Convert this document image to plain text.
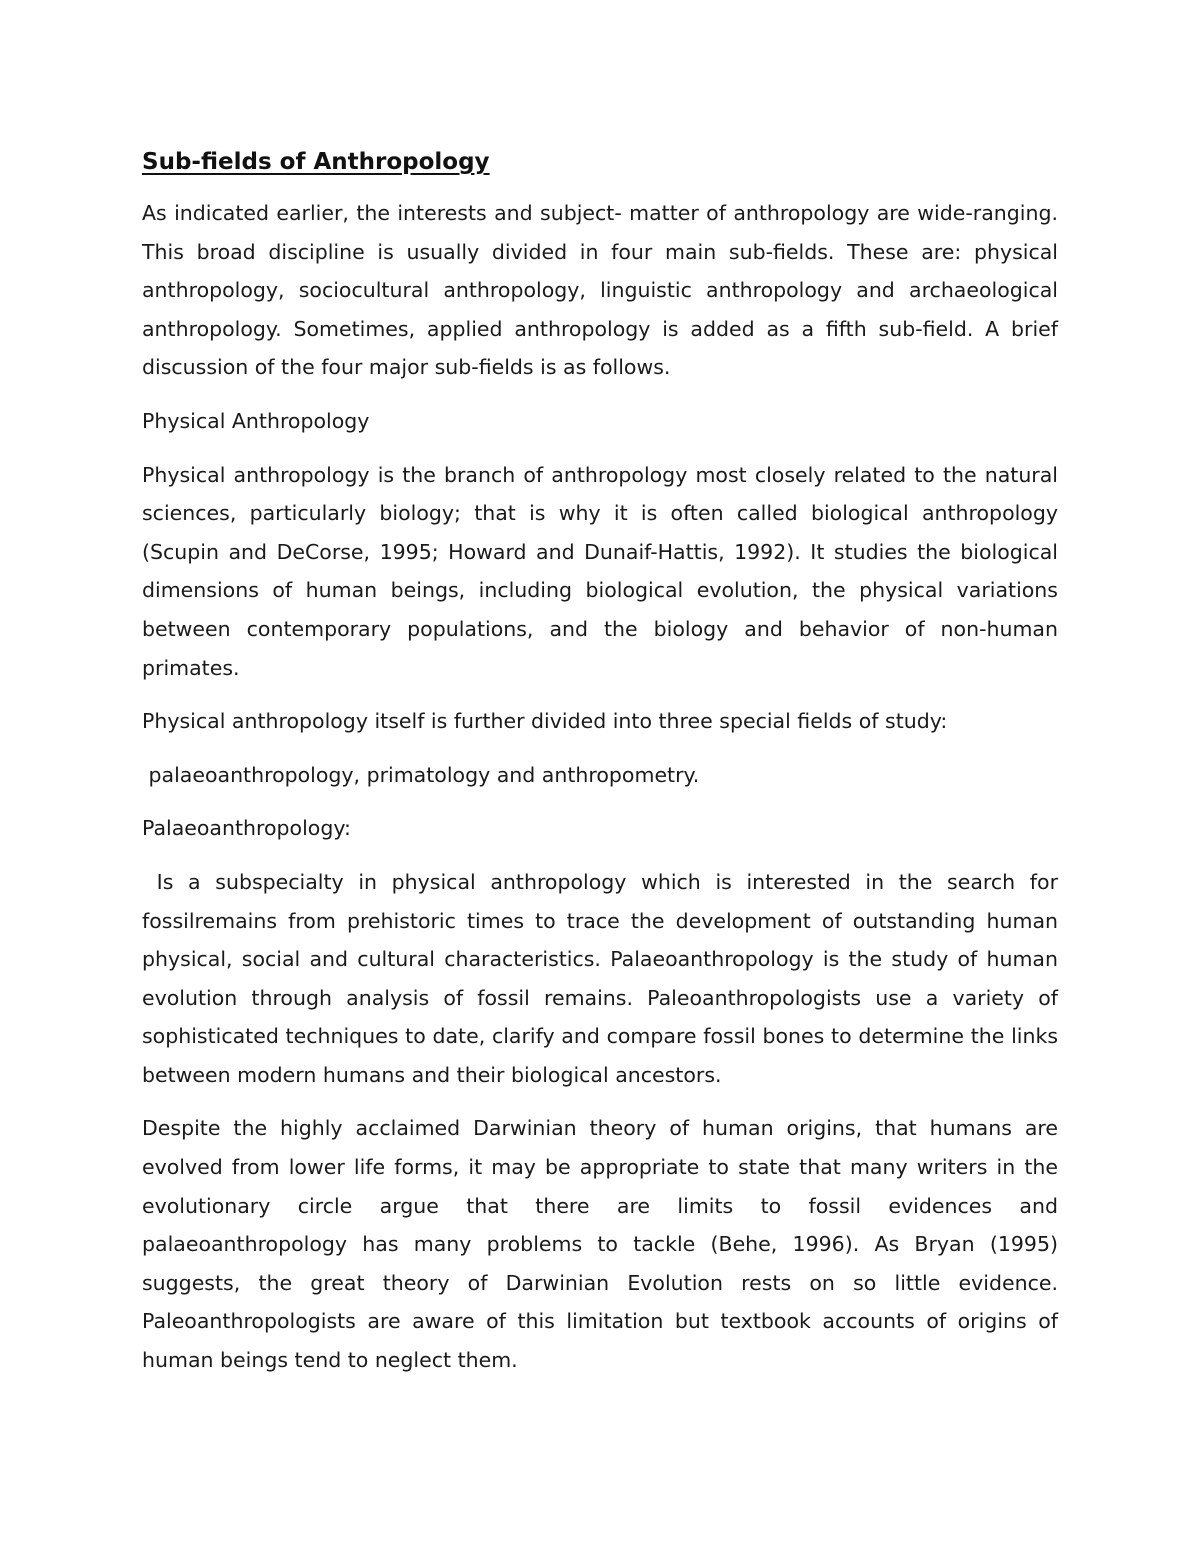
Sub-fields of Anthropology

As indicated earlier, the interests and subject- matter of anthropology are wide-ranging. This broad discipline is usually divided in four main sub-fields. These are: physical anthropology, sociocultural anthropology, linguistic anthropology and archaeological anthropology. Sometimes, applied anthropology is added as a fifth sub-field. A brief discussion of the four major sub-fields is as follows.

Physical Anthropology

Physical anthropology is the branch of anthropology most closely related to the natural sciences, particularly biology; that is why it is often called biological anthropology (Scupin and DeCorse, 1995; Howard and Dunaif-Hattis, 1992). It studies the biological dimensions of human beings, including biological evolution, the physical variations between contemporary populations, and the biology and behavior of non-human primates.

Physical anthropology itself is further divided into three special fields of study:

palaeoanthropology, primatology and anthropometry.

Palaeoanthropology:

Is a subspecialty in physical anthropology which is interested in the search for fossilremains from prehistoric times to trace the development of outstanding human physical, social and cultural characteristics. Palaeoanthropology is the study of human evolution through analysis of fossil remains. Paleoanthropologists use a variety of sophisticated techniques to date, clarify and compare fossil bones to determine the links between modern humans and their biological ancestors.

Despite the highly acclaimed Darwinian theory of human origins, that humans are evolved from lower life forms, it may be appropriate to state that many writers in the evolutionary circle argue that there are limits to fossil evidences and palaeoanthropology has many problems to tackle (Behe, 1996). As Bryan (1995) suggests, the great theory of Darwinian Evolution rests on so little evidence. Paleoanthropologists are aware of this limitation but textbook accounts of origins of human beings tend to neglect them.
